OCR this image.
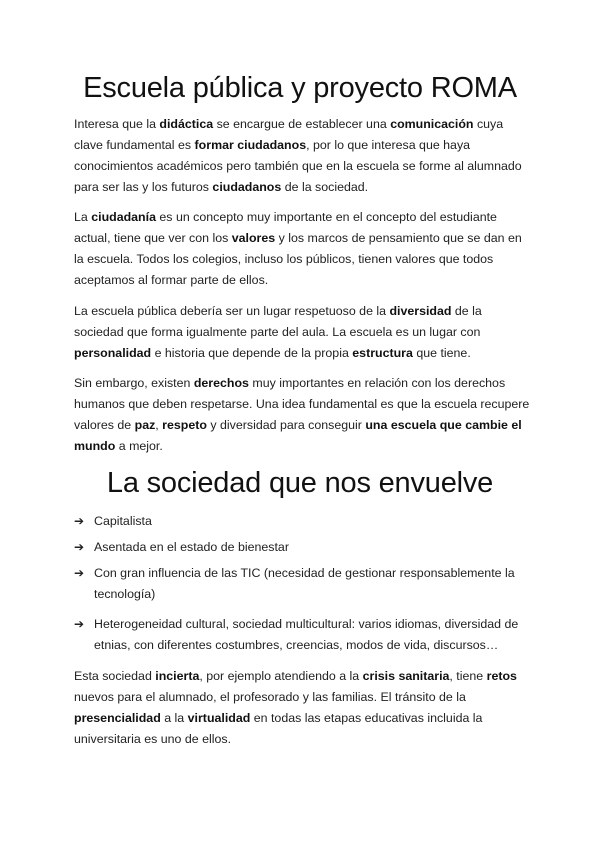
Escuela pública y proyecto ROMA

Interesa que la didáctica se encargue de establecer una comunicación cuya clave fundamental es formar ciudadanos, por lo que interesa que haya conocimientos académicos pero también que en la escuela se forme al alumnado para ser las y los futuros ciudadanos de la sociedad.

La ciudadanía es un concepto muy importante en el concepto del estudiante actual, tiene que ver con los valores y los marcos de pensamiento que se dan en la escuela. Todos los colegios, incluso los públicos, tienen valores que todos aceptamos al formar parte de ellos.

La escuela pública debería ser un lugar respetuoso de la diversidad de la sociedad que forma igualmente parte del aula. La escuela es un lugar con personalidad e historia que depende de la propia estructura que tiene.

Sin embargo, existen derechos muy importantes en relación con los derechos humanos que deben respetarse. Una idea fundamental es que la escuela recupere valores de paz, respeto y diversidad para conseguir una escuela que cambie el mundo a mejor.

La sociedad que nos envuelve
➔ Capitalista
➔ Asentada en el estado de bienestar
➔ Con gran influencia de las TIC (necesidad de gestionar responsablemente la tecnología)
➔ Heterogeneidad cultural, sociedad multicultural: varios idiomas, diversidad de etnias, con diferentes costumbres, creencias, modos de vida, discursos…

Esta sociedad incierta, por ejemplo atendiendo a la crisis sanitaria, tiene retos nuevos para el alumnado, el profesorado y las familias. El tránsito de la presencialidad a la virtualidad en todas las etapas educativas incluida la universitaria es uno de ellos.
